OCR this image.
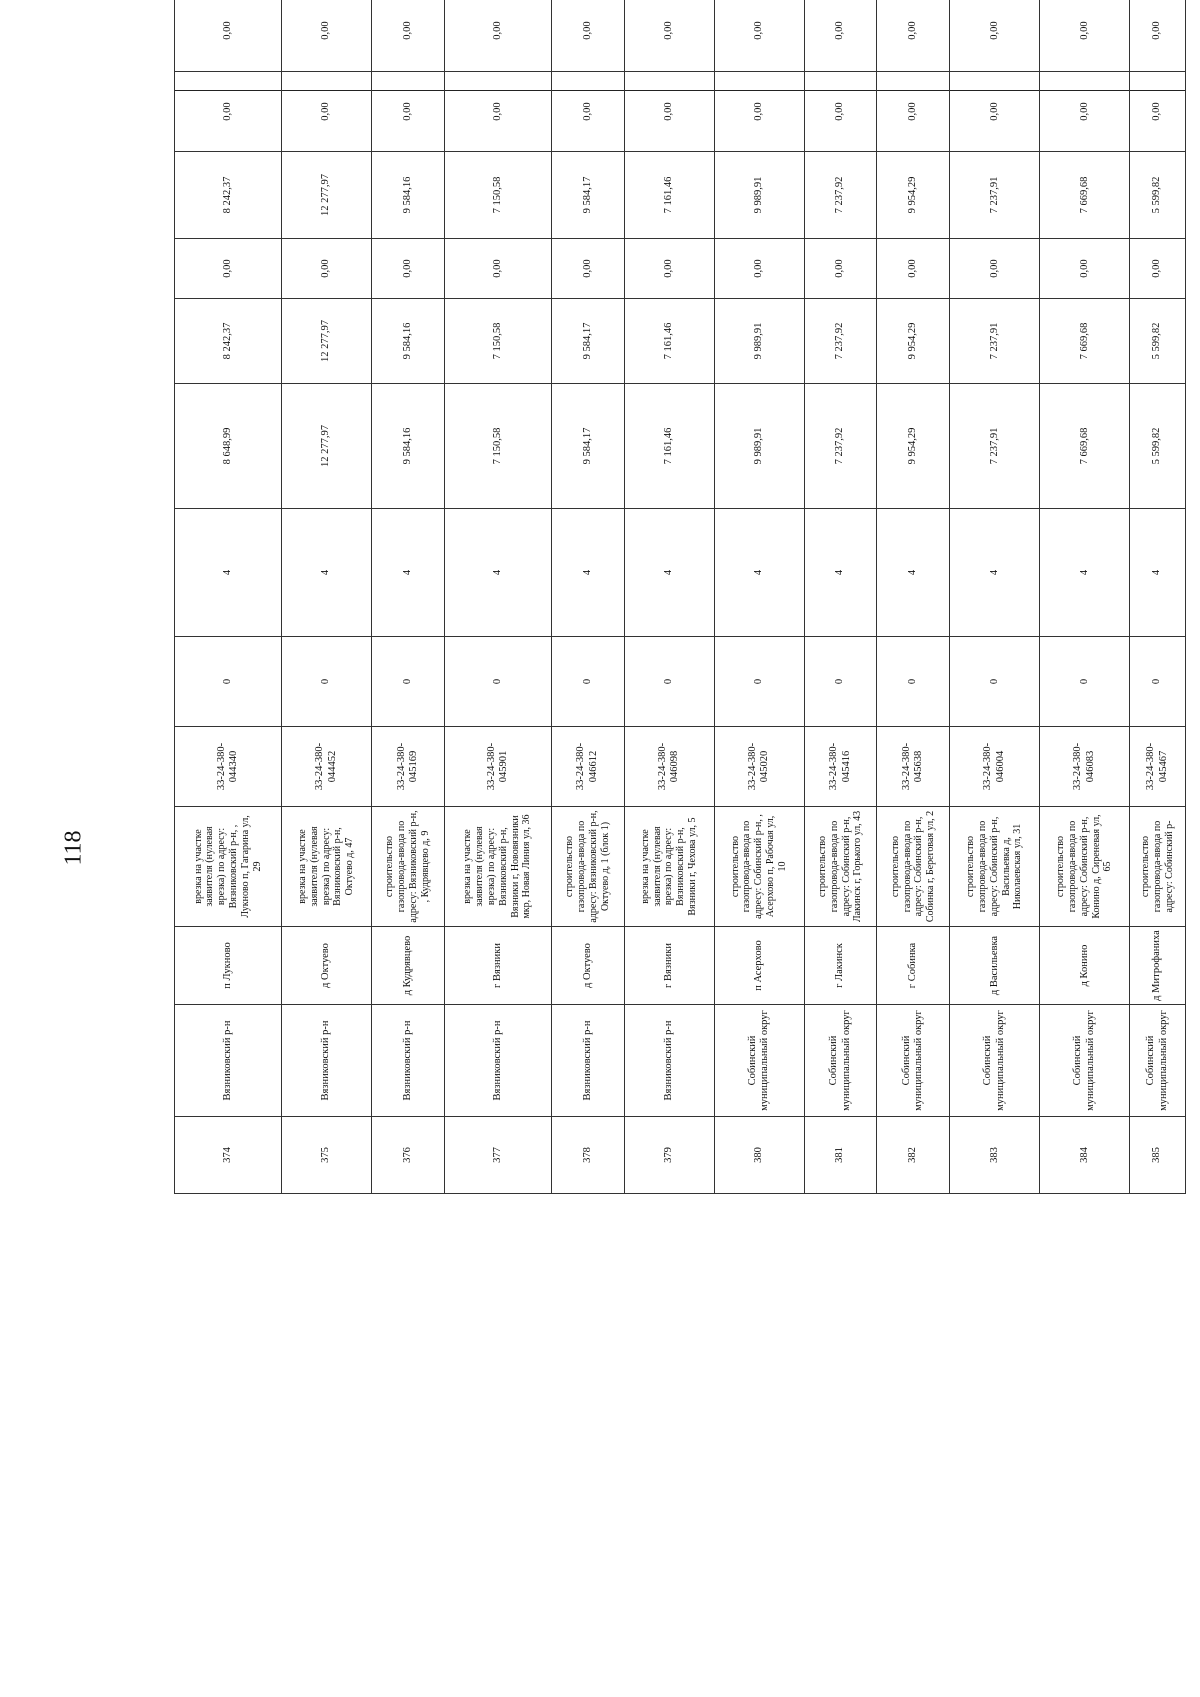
118
374	Вязниковский р-н	п Лукново	врезка на участке заявителя (нулевая врезка) по адресу: Вязниковский р-н, , Лукново п, Гагарина ул, 29	33-24-380-044340	0	4	8 648,99	8 242,37	0,00	8 242,37	0,00	0,00
375	Вязниковский р-н	д Октуево	врезка на участке заявителя (нулевая врезка) по адресу: Вязниковский р-н, Октуево д, 47	33-24-380-044452	0	4	12 277,97	12 277,97	0,00	12 277,97	0,00	0,00
376	Вязниковский р-н	д Кудрявцево	строительство газопровода-ввода по адресу: Вязниковский р-н, , Кудрявцево д, 9	33-24-380-045169	0	4	9 584,16	9 584,16	0,00	9 584,16	0,00	0,00
377	Вязниковский р-н	г Вязники	врезка на участке заявителя (нулевая врезка) по адресу: Вязниковский р-н, Вязники г, Нововязники мкр, Новая Линия ул, 36	33-24-380-045901	0	4	7 150,58	7 150,58	0,00	7 150,58	0,00	0,00
378	Вязниковский р-н	д Октуево	строительство газопровода-ввода по адресу: Вязниковский р-н, Октуево д, 1 (блок 1)	33-24-380-046612	0	4	9 584,17	9 584,17	0,00	9 584,17	0,00	0,00
379	Вязниковский р-н	г Вязники	врезка на участке заявителя (нулевая врезка) по адресу: Вязниковский р-н, Вязники г, Чехова ул, 5	33-24-380-046098	0	4	7 161,46	7 161,46	0,00	7 161,46	0,00	0,00
380	Собинский муниципальный округ	п Асерхово	строительство газопровода-ввода по адресу: Собинский р-н, , Асерхово п, Рабочая ул, 10	33-24-380-045020	0	4	9 989,91	9 989,91	0,00	9 989,91	0,00	0,00
381	Собинский муниципальный округ	г Лакинск	строительство газопровода-ввода по адресу: Собинский р-н, Лакинск г, Горького ул, 43	33-24-380-045416	0	4	7 237,92	7 237,92	0,00	7 237,92	0,00	0,00
382	Собинский муниципальный округ	г Собинка	строительство газопровода-ввода по адресу: Собинский р-н, Собинка г, Береговая ул, 2	33-24-380-045638	0	4	9 954,29	9 954,29	0,00	9 954,29	0,00	0,00
383	Собинский муниципальный округ	д Васильевка	строительство газопровода-ввода по адресу: Собинский р-н, Васильевка д, Николаевская ул, 31	33-24-380-046004	0	4	7 237,91	7 237,91	0,00	7 237,91	0,00	0,00
384	Собинский муниципальный округ	д Конино	строительство газопровода-ввода по адресу: Собинский р-н, Конино д, Сиреневая ул, 65	33-24-380-046083	0	4	7 669,68	7 669,68	0,00	7 669,68	0,00	0,00
385	Собинский муниципальный округ	д Митрофаниха	строительство газопровода-ввода по адресу: Собинский р-	33-24-380-045467	0	4	5 599,82	5 599,82	0,00	5 599,82	0,00	0,00
